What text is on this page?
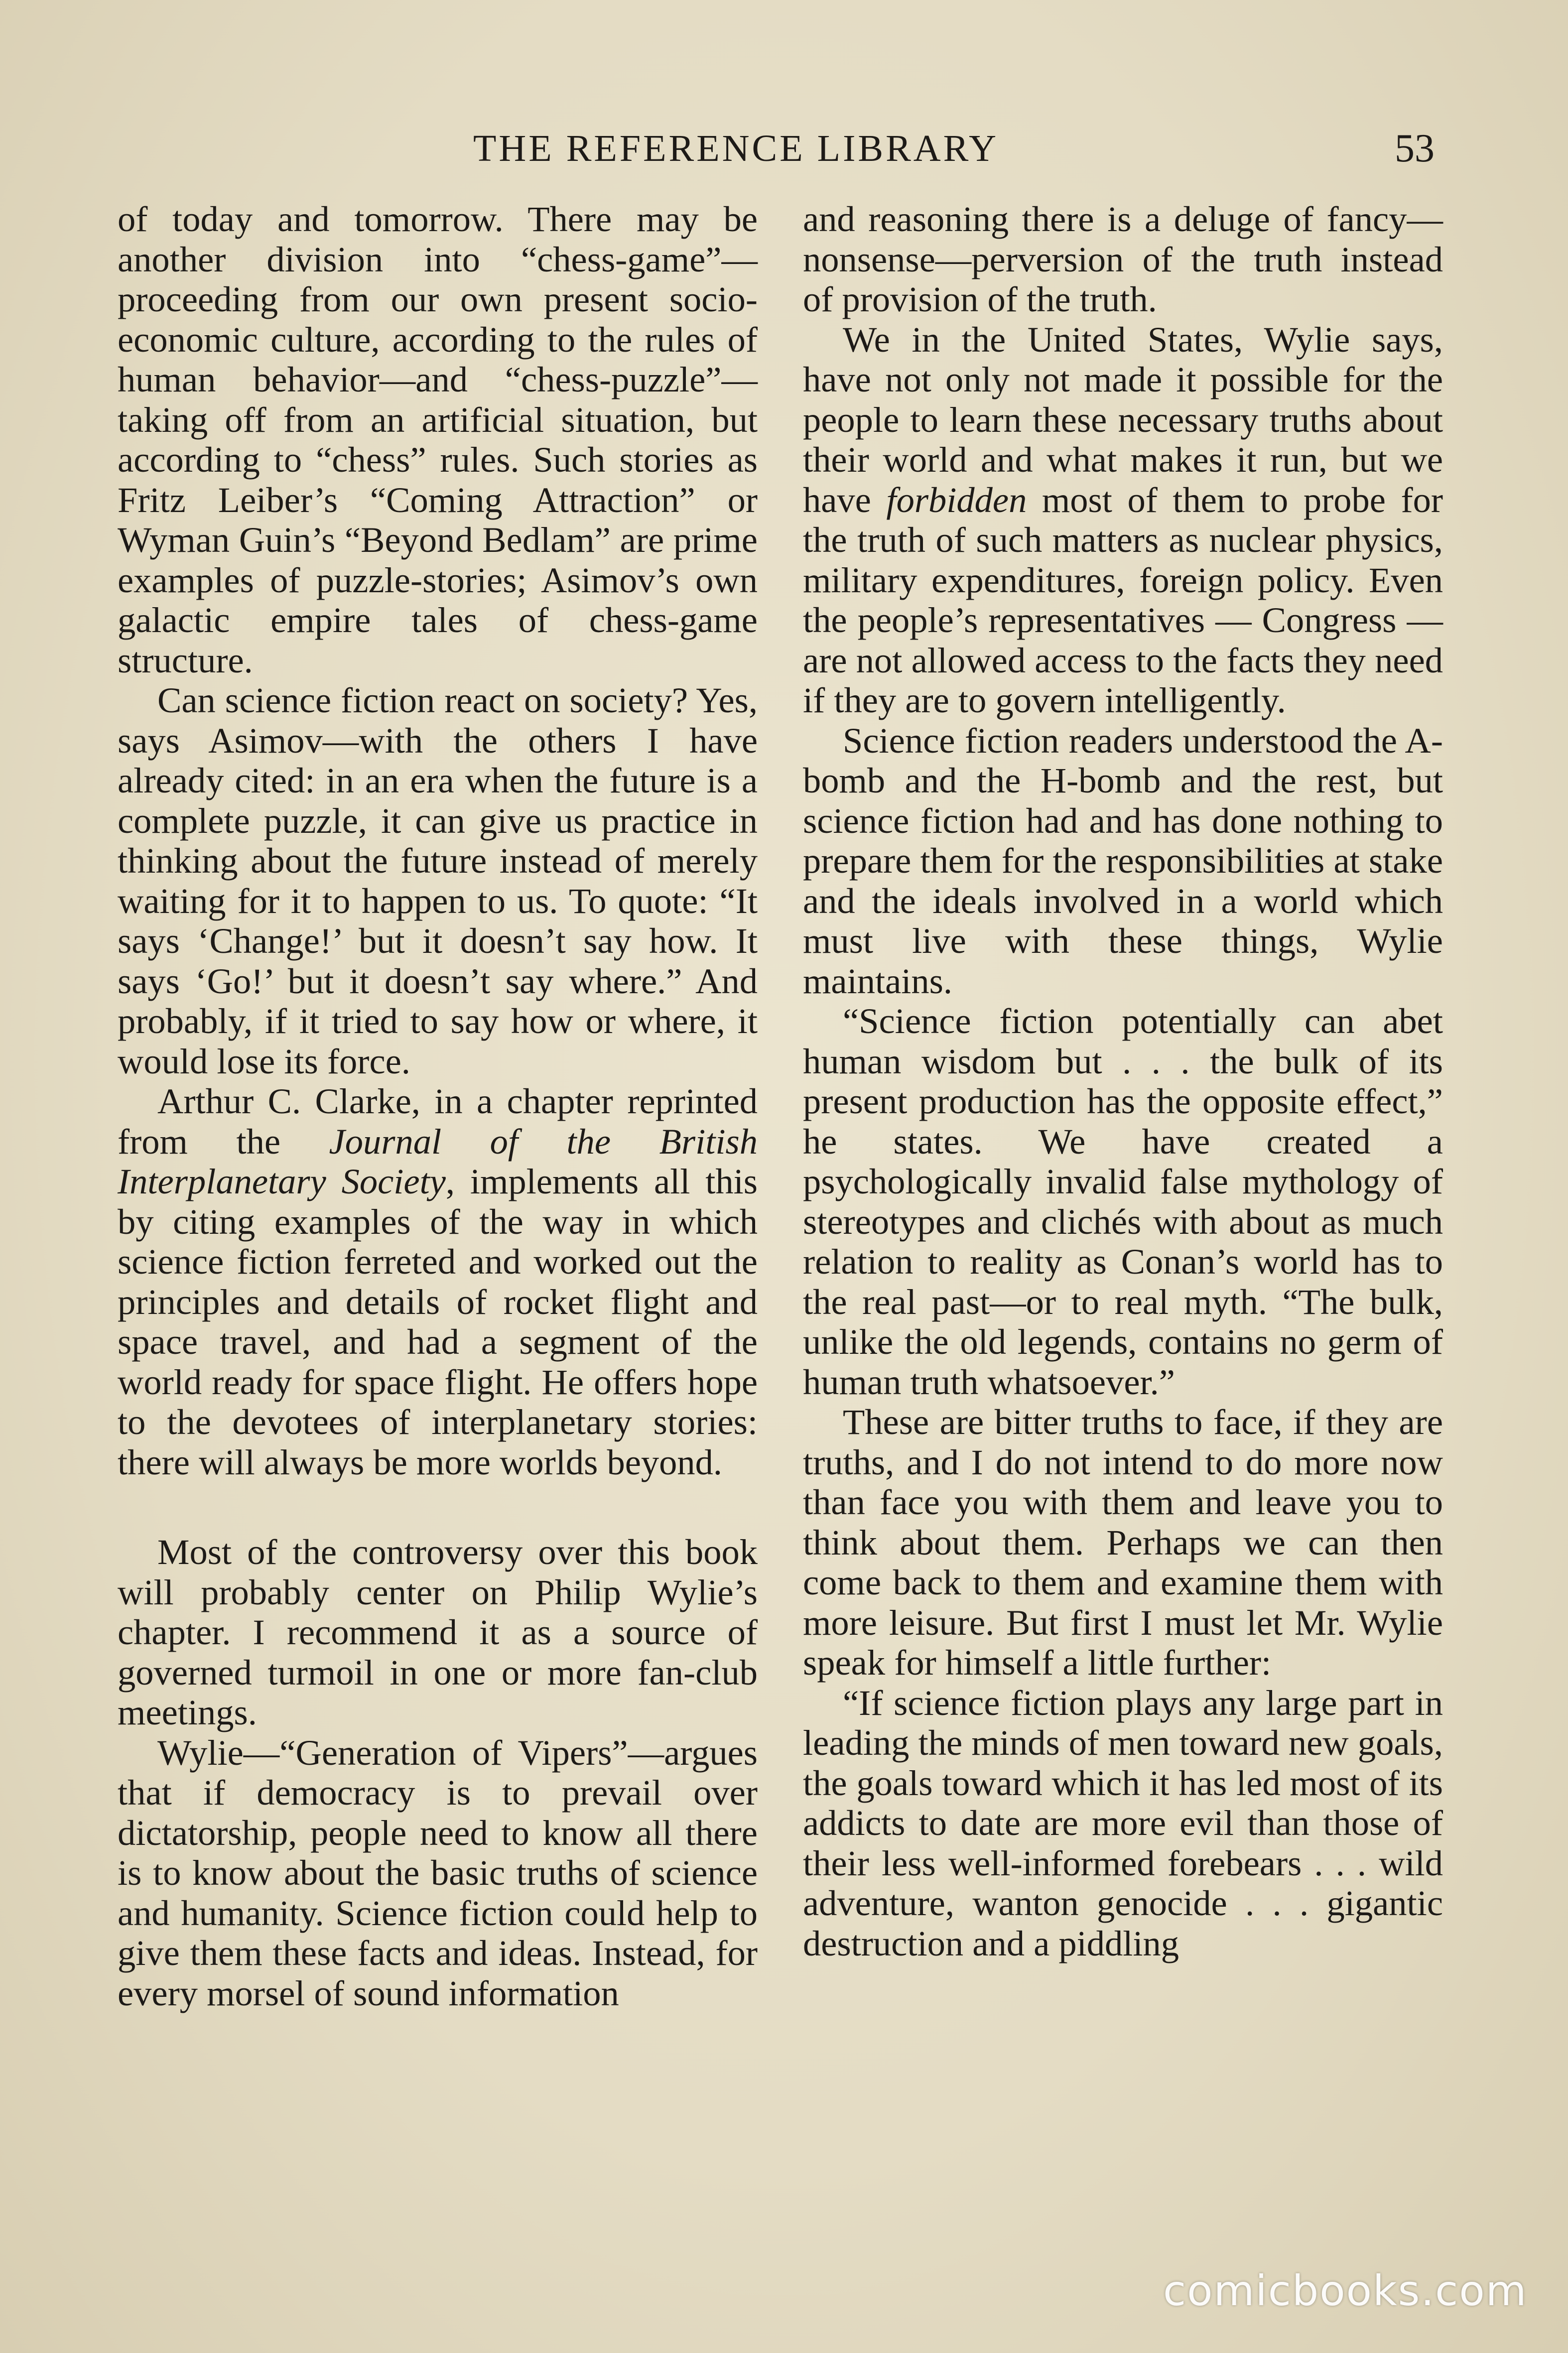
THE REFERENCE LIBRARY	53

of today and tomorrow. There may be another division into “chess-game”—proceeding from our own present socio-economic culture, according to the rules of human behavior—and “chess-puzzle”—taking off from an artificial situation, but according to “chess” rules. Such stories as Fritz Leiber’s “Coming Attraction” or Wyman Guin’s “Beyond Bedlam” are prime examples of puzzle-stories; Asimov’s own galactic empire tales of chess-game structure.

Can science fiction react on society? Yes, says Asimov—with the others I have already cited: in an era when the future is a complete puzzle, it can give us practice in thinking about the future instead of merely waiting for it to happen to us. To quote: “It says ‘Change!’ but it doesn’t say how. It says ‘Go!’ but it doesn’t say where.” And probably, if it tried to say how or where, it would lose its force.

Arthur C. Clarke, in a chapter reprinted from the Journal of the British Interplanetary Society, implements all this by citing examples of the way in which science fiction ferreted and worked out the principles and details of rocket flight and space travel, and had a segment of the world ready for space flight. He offers hope to the devotees of interplanetary stories: there will always be more worlds beyond.

Most of the controversy over this book will probably center on Philip Wylie’s chapter. I recommend it as a source of governed turmoil in one or more fan-club meetings.

Wylie—“Generation of Vipers”—argues that if democracy is to prevail over dictatorship, people need to know all there is to know about the basic truths of science and humanity. Science fiction could help to give them these facts and ideas. Instead, for every morsel of sound information

and reasoning there is a deluge of fancy—nonsense—perversion of the truth instead of provision of the truth.

We in the United States, Wylie says, have not only not made it possible for the people to learn these necessary truths about their world and what makes it run, but we have forbidden most of them to probe for the truth of such matters as nuclear physics, military expenditures, foreign policy. Even the people’s representatives — Congress — are not allowed access to the facts they need if they are to govern intelligently.

Science fiction readers understood the A-bomb and the H-bomb and the rest, but science fiction had and has done nothing to prepare them for the responsibilities at stake and the ideals involved in a world which must live with these things, Wylie maintains.

“Science fiction potentially can abet human wisdom but . . . the bulk of its present production has the opposite effect,” he states. We have created a psychologically invalid false mythology of stereotypes and clichés with about as much relation to reality as Conan’s world has to the real past—or to real myth. “The bulk, unlike the old legends, contains no germ of human truth whatsoever.”

These are bitter truths to face, if they are truths, and I do not intend to do more now than face you with them and leave you to think about them. Perhaps we can then come back to them and examine them with more leisure. But first I must let Mr. Wylie speak for himself a little further:

“If science fiction plays any large part in leading the minds of men toward new goals, the goals toward which it has led most of its addicts to date are more evil than those of their less well-informed forebears . . . wild adventure, wanton genocide . . . gigantic destruction and a piddling

comicbooks.com
